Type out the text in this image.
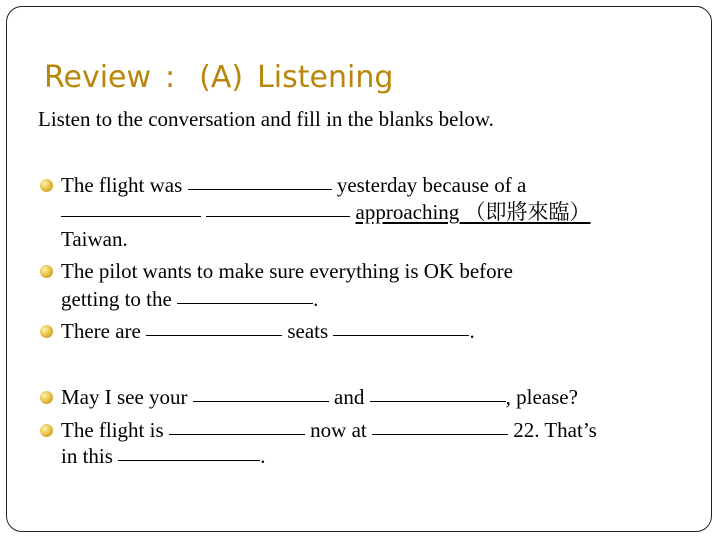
Review : (A) Listening
Listen to the conversation and fill in the blanks below.
The flight was	yesterday because of a
approaching （即將來臨）
Taiwan.
The pilot wants to make sure everything is OK before
getting to the	.
There are	seats	.
May I see your	and	, please?
The flight is	now at	22. That’s
in this	.
